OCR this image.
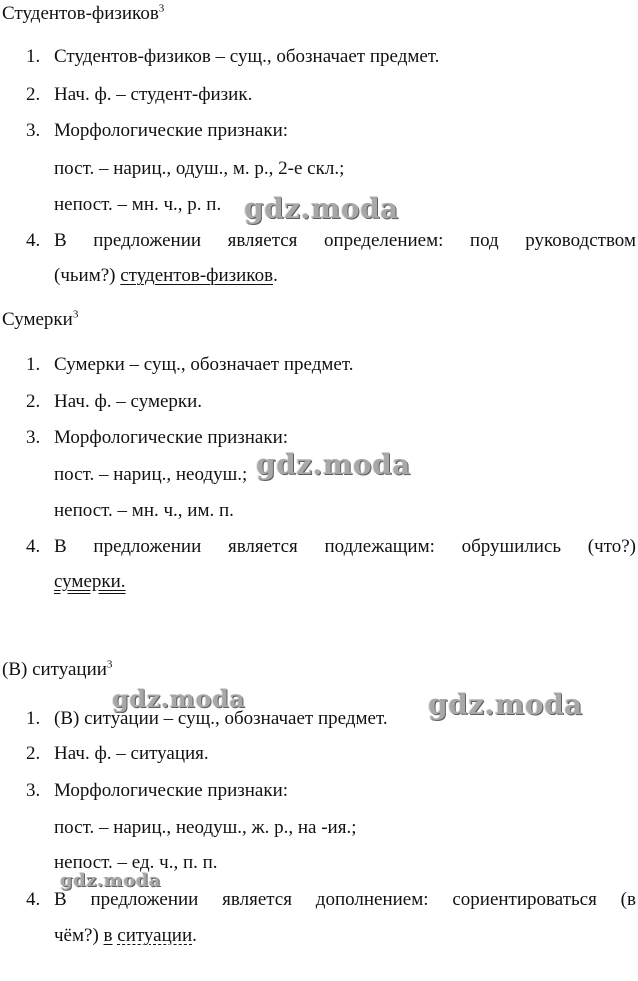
Студентов-физиков$^3$
1. Студентов-физиков – сущ., обозначает предмет.
2. Нач. ф. – студент-физик.
3. Морфологические признаки:
пост. – нариц., одуш., м. р., 2-е скл.;
непост. – мн. ч., р. п.
4. В предложении является определением: под руководством
(чьим?) студентов-физиков.
Сумерки$^3$
1. Сумерки – сущ., обозначает предмет.
2. Нач. ф. – сумерки.
3. Морфологические признаки:
пост. – нариц., неодуш.;
непост. – мн. ч., им. п.
4. В предложении является подлежащим: обрушились (что?)
сумерки.
(В) ситуации$^3$
1. (В) ситуации – сущ., обозначает предмет.
2. Нач. ф. – ситуация.
3. Морфологические признаки:
пост. – нариц., неодуш., ж. р., на -ия.;
непост. – ед. ч., п. п.
4. В предложении является дополнением: сориентироваться (в
чём?) в ситуации.
gdz.moda
gdz.moda
gdz.moda	gdz.moda
gdz.moda
